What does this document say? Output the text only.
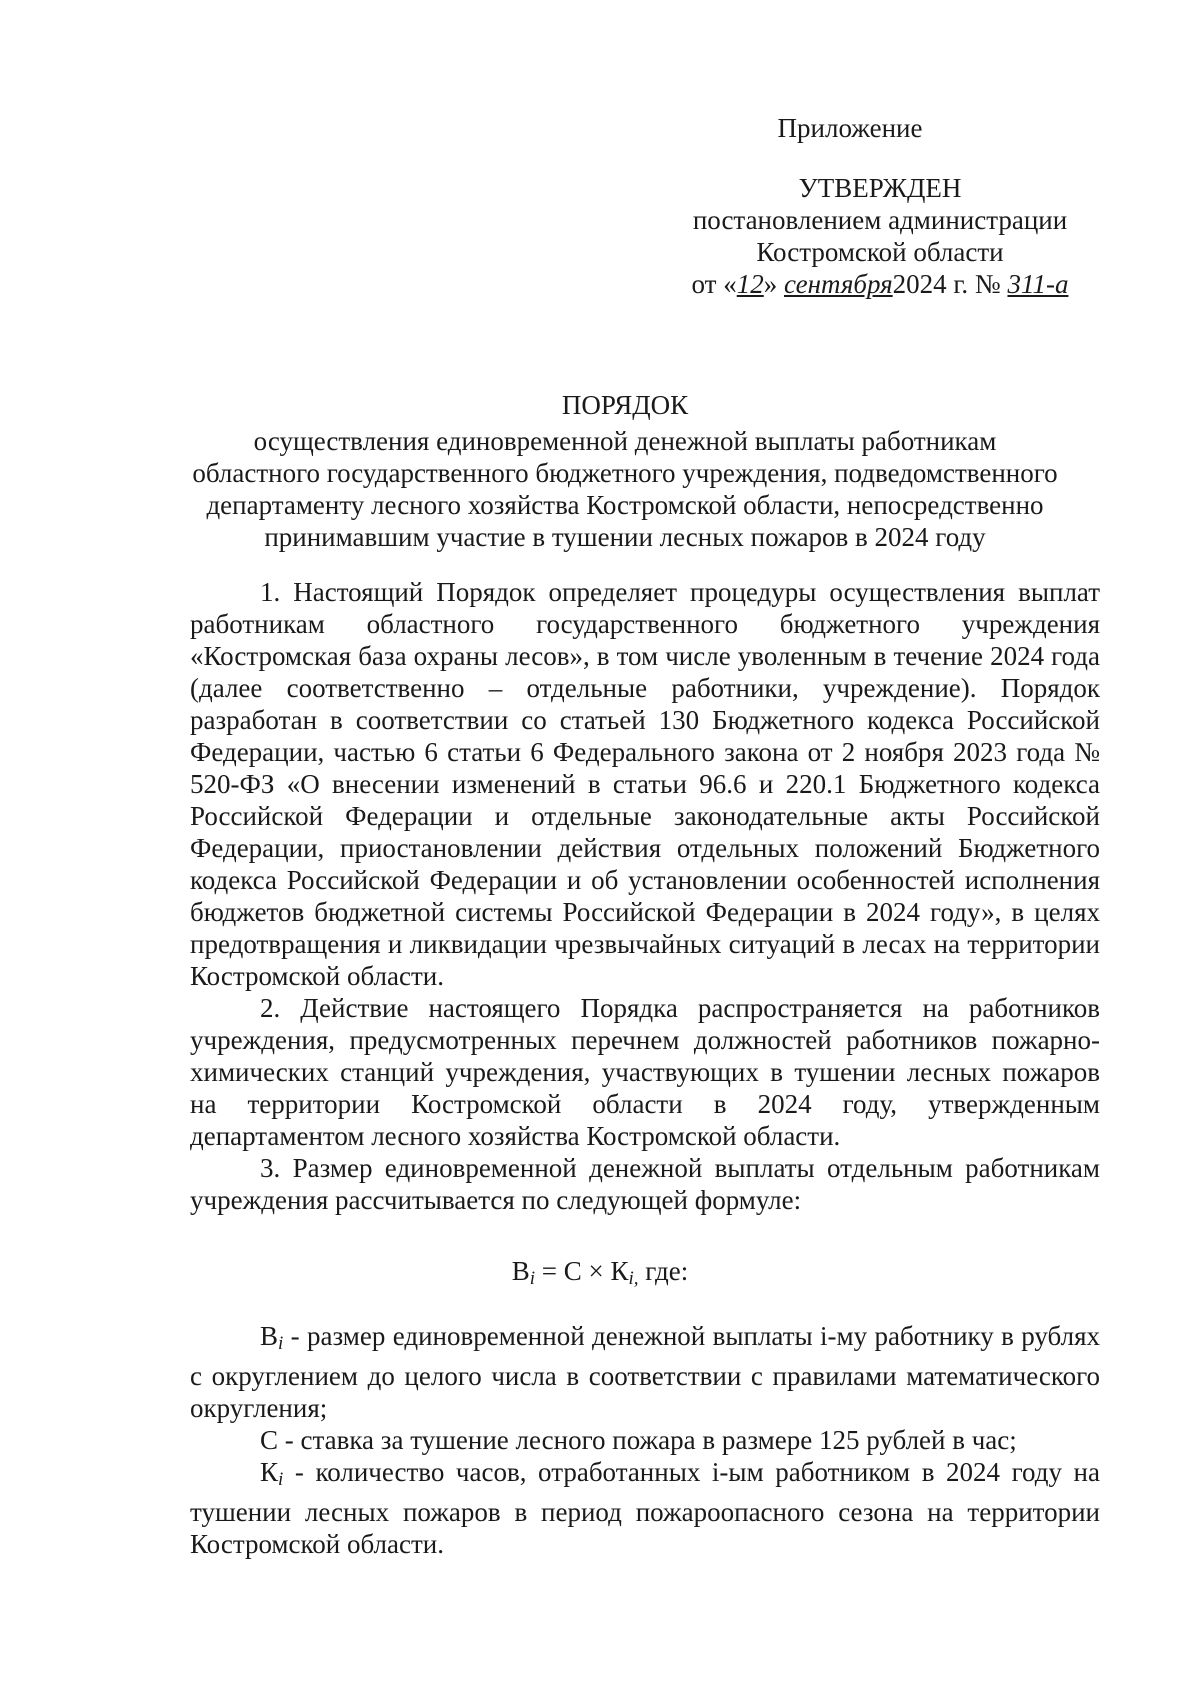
Приложение
УТВЕРЖДЕН
постановлением администрации
Костромской области
от «12» сентября2024 г. № 311-а
ПОРЯДОК
осуществления единовременной денежной выплаты работникам
областного государственного бюджетного учреждения, подведомственного
департаменту лесного хозяйства Костромской области, непосредственно
принимавшим участие в тушении лесных пожаров в 2024 году

1. Настоящий Порядок определяет процедуры осуществления выплат работникам областного государственного бюджетного учреждения «Костромская база охраны лесов», в том числе уволенным в течение 2024 года (далее соответственно – отдельные работники, учреждение). Порядок разработан в соответствии со статьей 130 Бюджетного кодекса Российской Федерации, частью 6 статьи 6 Федерального закона от 2 ноября 2023 года № 520-ФЗ «О внесении изменений в статьи 96.6 и 220.1 Бюджетного кодекса Российской Федерации и отдельные законодательные акты Российской Федерации, приостановлении действия отдельных положений Бюджетного кодекса Российской Федерации и об установлении особенностей исполнения бюджетов бюджетной системы Российской Федерации в 2024 году», в целях предотвращения и ликвидации чрезвычайных ситуаций в лесах на территории Костромской области.

2. Действие настоящего Порядка распространяется на работников учреждения, предусмотренных перечнем должностей работников пожарно-химических станций учреждения, участвующих в тушении лесных пожаров на территории Костромской области в 2024 году, утвержденным департаментом лесного хозяйства Костромской области.

3. Размер единовременной денежной выплаты отдельным работникам учреждения рассчитывается по следующей формуле:

$В_i = С \times К_{i,}$ где:

$В_i$ - размер единовременной денежной выплаты i-му работнику в рублях с округлением до целого числа в соответствии с правилами математического округления;

С - ставка за тушение лесного пожара в размере 125 рублей в час;

$К_i$ - количество часов, отработанных i-ым работником в 2024 году на тушении лесных пожаров в период пожароопасного сезона на территории Костромской области.
